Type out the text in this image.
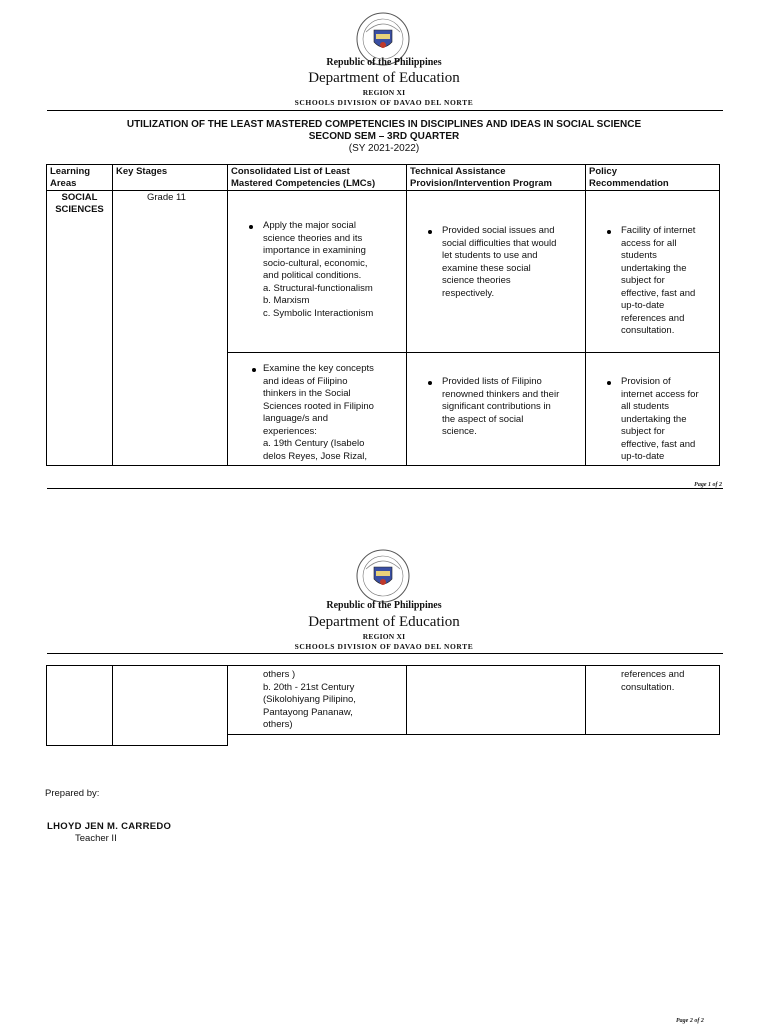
Republic of the Philippines
Department of Education
REGION XI
SCHOOLS DIVISION OF DAVAO DEL NORTE
UTILIZATION OF THE LEAST MASTERED COMPETENCIES IN DISCIPLINES AND IDEAS IN SOCIAL SCIENCE
SECOND SEM – 3RD QUARTER
(SY 2021-2022)
Learning
Areas
Key Stages	Consolidated List of Least
Mastered Competencies (LMCs)
Technical Assistance
Provision/Intervention Program
Policy
Recommendation
SOCIAL
SCIENCES
Grade 11
Apply the major social
science theories and its
importance in examining
socio-cultural, economic,
and political conditions.
a. Structural-functionalism
b. Marxism
c. Symbolic Interactionism
Provided social issues and
social difficulties that would
let students to use and
examine these social
science theories
respectively.
Facility of internet
access for all
students
undertaking the
subject for
effective, fast and
up-to-date
references and
consultation.
Examine the key concepts
and ideas of Filipino
thinkers in the Social
Sciences rooted in Filipino
language/s and
experiences:
a. 19th Century (Isabelo
delos Reyes, Jose Rizal,
Provided lists of Filipino
renowned thinkers and their
significant contributions in
the aspect of social
science.
Provision of
internet access for
all students
undertaking the
subject for
effective, fast and
up-to-date
Page 1 of 2
Republic of the Philippines
Department of Education
REGION XI
SCHOOLS DIVISION OF DAVAO DEL NORTE
others )
b. 20th - 21st Century
(Sikolohiyang Pilipino,
Pantayong Pananaw,
others)
references and
consultation.
Prepared by:
LHOYD JEN M. CARREDO
Teacher II
Page 2 of 2
